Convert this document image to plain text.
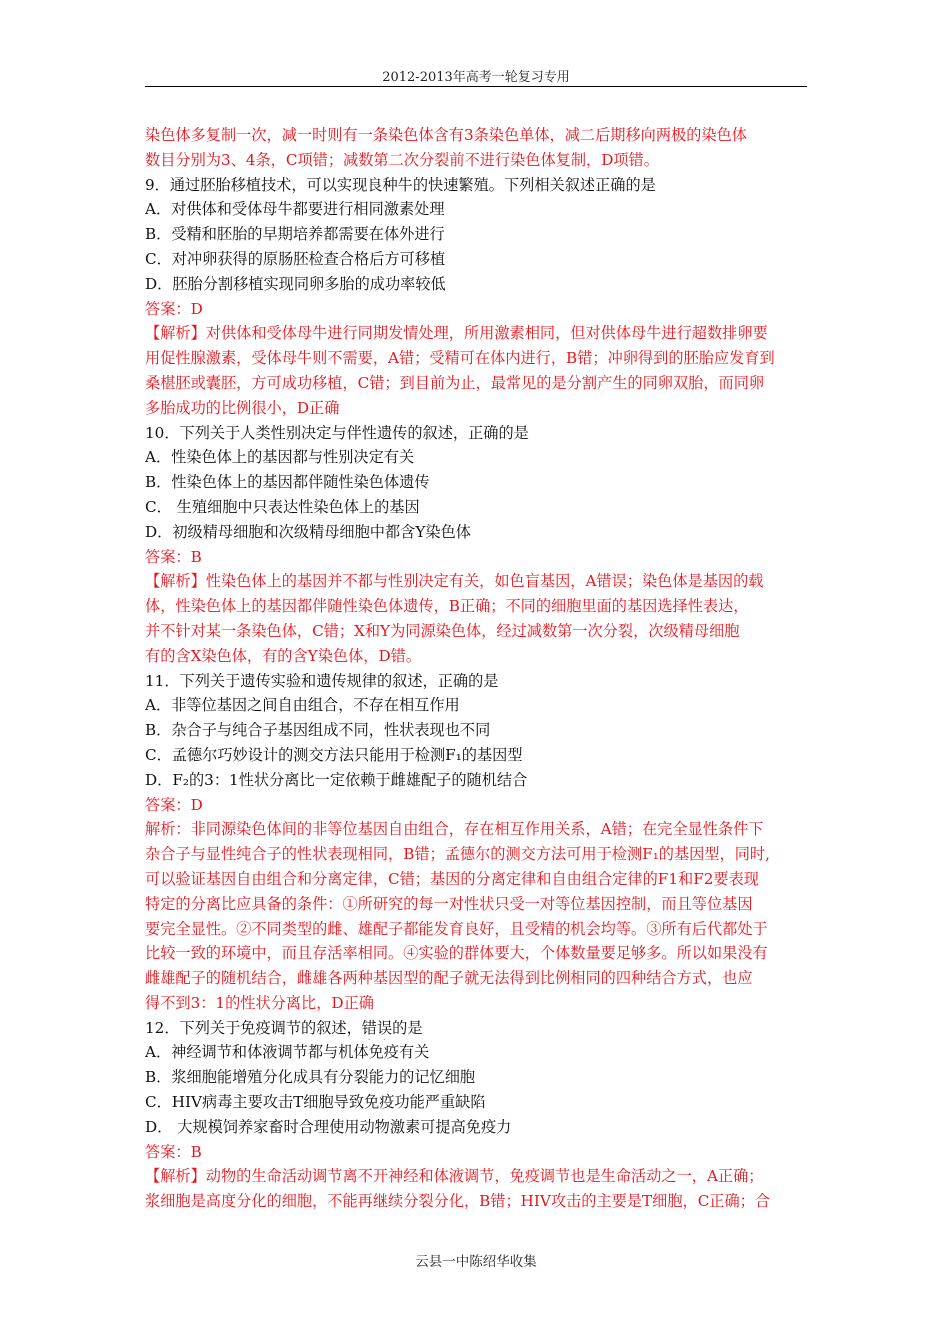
2012-2013年高考一轮复习专用
染色体多复制一次，减一时则有一条染色体含有3条染色单体，减二后期移向两极的染色体
数目分别为3、4条，C项错；减数第二次分裂前不进行染色体复制，D项错。
9．通过胚胎移植技术，可以实现良种牛的快速繁殖。下列相关叙述正确的是
A．对供体和受体母牛都要进行相同激素处理
B．受精和胚胎的早期培养都需要在体外进行
C．对冲卵获得的原肠胚检查合格后方可移植
D．胚胎分割移植实现同卵多胎的成功率较低
答案：D
【解析】对供体和受体母牛进行同期发情处理，所用激素相同，但对供体母牛进行超数排卵要
用促性腺激素，受体母牛则不需要，A错；受精可在体内进行，B错；冲卵得到的胚胎应发育到
桑椹胚或囊胚，方可成功移植，C错；到目前为止，最常见的是分割产生的同卵双胎，而同卵
多胎成功的比例很小，D正确
10．下列关于人类性别决定与伴性遗传的叙述，正确的是
A．性染色体上的基因都与性别决定有关
B．性染色体上的基因都伴随性染色体遗传
C． 生殖细胞中只表达性染色体上的基因
D．初级精母细胞和次级精母细胞中都含Y染色体
答案：B
【解析】性染色体上的基因并不都与性别决定有关，如色盲基因，A错误；染色体是基因的载
体，性染色体上的基因都伴随性染色体遗传，B正确；不同的细胞里面的基因选择性表达，
并不针对某一条染色体，C错；X和Y为同源染色体，经过减数第一次分裂，次级精母细胞
有的含X染色体，有的含Y染色体，D错。
11．下列关于遗传实验和遗传规律的叙述，正确的是
A．非等位基因之间自由组合，不存在相互作用
B．杂合子与纯合子基因组成不同，性状表现也不同
C．孟德尔巧妙设计的测交方法只能用于检测F₁的基因型
D．F₂的3：1性状分离比一定依赖于雌雄配子的随机结合
答案：D
解析：非同源染色体间的非等位基因自由组合，存在相互作用关系，A错；在完全显性条件下
杂合子与显性纯合子的性状表现相同，B错；孟德尔的测交方法可用于检测F₁的基因型，同时,
可以验证基因自由组合和分离定律，C错；基因的分离定律和自由组合定律的F1和F2要表现
特定的分离比应具备的条件：①所研究的每一对性状只受一对等位基因控制，而且等位基因
要完全显性。②不同类型的雌、雄配子都能发育良好，且受精的机会均等。③所有后代都处于
比较一致的环境中，而且存活率相同。④实验的群体要大，个体数量要足够多。所以如果没有
雌雄配子的随机结合，雌雄各两种基因型的配子就无法得到比例相同的四种结合方式，也应
得不到3：1的性状分离比，D正确
12．下列关于免疫调节的叙述，错误的是
A．神经调节和体液调节都与机体免疫有关
B．浆细胞能增殖分化成具有分裂能力的记忆细胞
C．HIV病毒主要攻击T细胞导致免疫功能严重缺陷
D． 大规模饲养家畜时合理使用动物激素可提高免疫力
答案：B
【解析】动物的生命活动调节离不开神经和体液调节，免疫调节也是生命活动之一，A正确；
浆细胞是高度分化的细胞，不能再继续分裂分化，B错；HIV攻击的主要是T细胞，C正确；合
云县一中陈绍华收集
